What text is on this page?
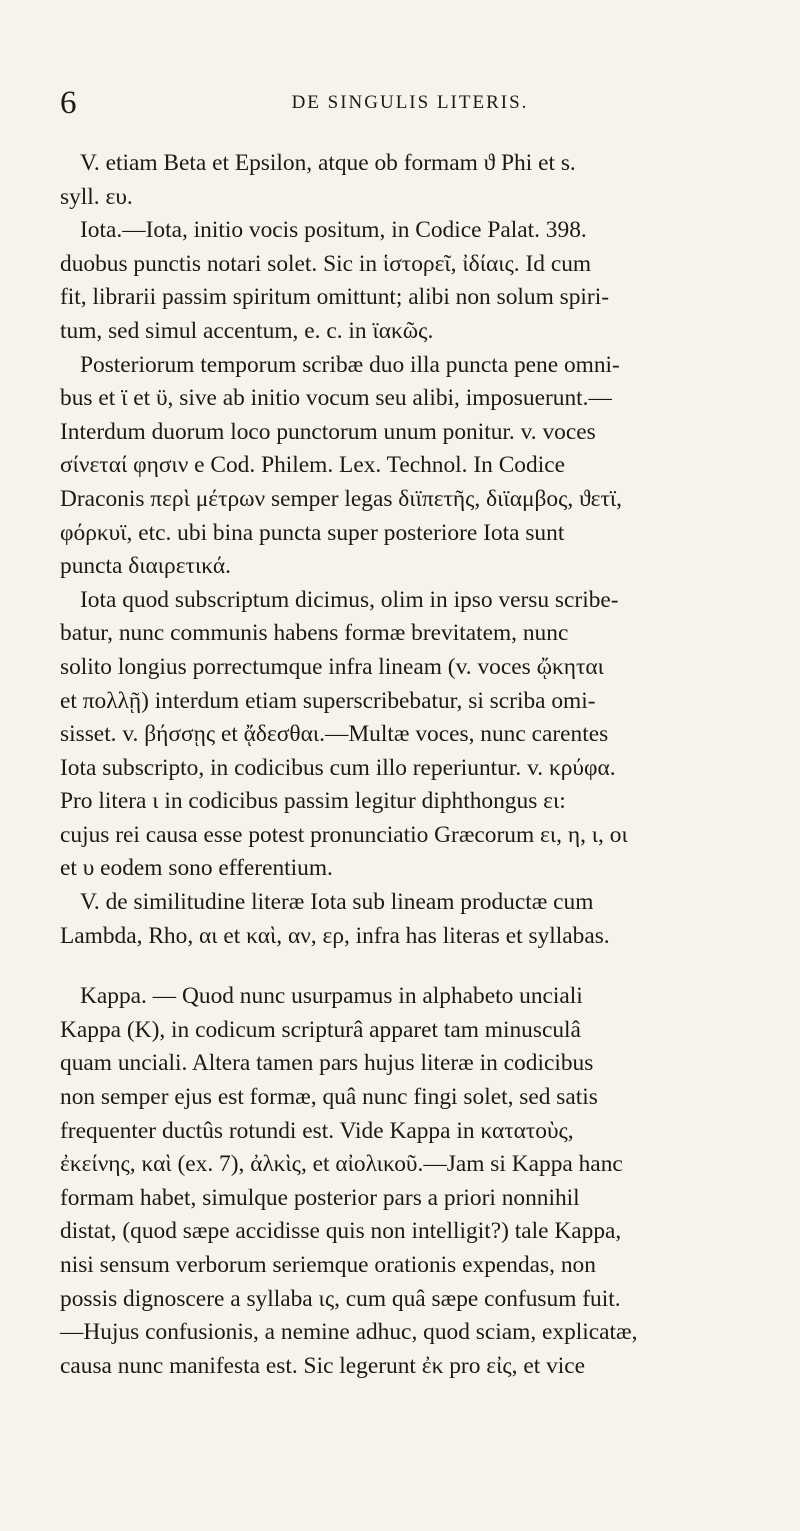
6	DE SINGULIS LITERIS.

V. etiam Beta et Epsilon, atque ob formam ϑ Phi et s.
syll. ευ.

Iota.—Iota, initio vocis positum, in Codice Palat. 398.
duobus punctis notari solet. Sic in ἱστορεῖ, ἰδίαις. Id cum
fit, librarii passim spiritum omittunt; alibi non solum spiri-
tum, sed simul accentum, e. c. in ϊακῶς.

Posteriorum temporum scribæ duo illa puncta pene omni-
bus et ϊ et ϋ, sive ab initio vocum seu alibi, imposuerunt.—
Interdum duorum loco punctorum unum ponitur. v. voces
σίνεταί φησιν e Cod. Philem. Lex. Technol. In Codice
Draconis περὶ μέτρων semper legas διϊπετῆς, διϊαμβος, ϑετϊ,
φόρκυϊ, etc. ubi bina puncta super posteriore Iota sunt
puncta διαιρετικά.

Iota quod subscriptum dicimus, olim in ipso versu scribe-
batur, nunc communis habens formæ brevitatem, nunc
solito longius porrectumque infra lineam (v. voces ᾤκηται
et πολλῇ) interdum etiam superscribebatur, si scriba omi-
sisset. v. βήσσῃς et ᾄδεσθαι.—Multæ voces, nunc carentes
Iota subscripto, in codicibus cum illo reperiuntur. v. κρύφα.
Pro litera ι in codicibus passim legitur diphthongus ει:
cujus rei causa esse potest pronunciatio Græcorum ει, η, ι, οι
et υ eodem sono efferentium.

V. de similitudine literæ Iota sub lineam productæ cum
Lambda, Rho, αι et καὶ, αν, ερ, infra has literas et syllabas.

Kappa. — Quod nunc usurpamus in alphabeto unciali
Kappa (K), in codicum scripturâ apparet tam minusculâ
quam unciali. Altera tamen pars hujus literæ in codicibus
non semper ejus est formæ, quâ nunc fingi solet, sed satis
frequenter ductûs rotundi est. Vide Kappa in κατατοὺς,
ἐκείνης, καὶ (ex. 7), ἀλκὶς, et αἰολικοῦ.—Jam si Kappa hanc
formam habet, simulque posterior pars a priori nonnihil
distat, (quod sæpe accidisse quis non intelligit?) tale Kappa,
nisi sensum verborum seriemque orationis expendas, non
possis dignoscere a syllaba ις, cum quâ sæpe confusum fuit.
—Hujus confusionis, a nemine adhuc, quod sciam, explicatæ,
causa nunc manifesta est. Sic legerunt ἐκ pro εἰς, et vice
